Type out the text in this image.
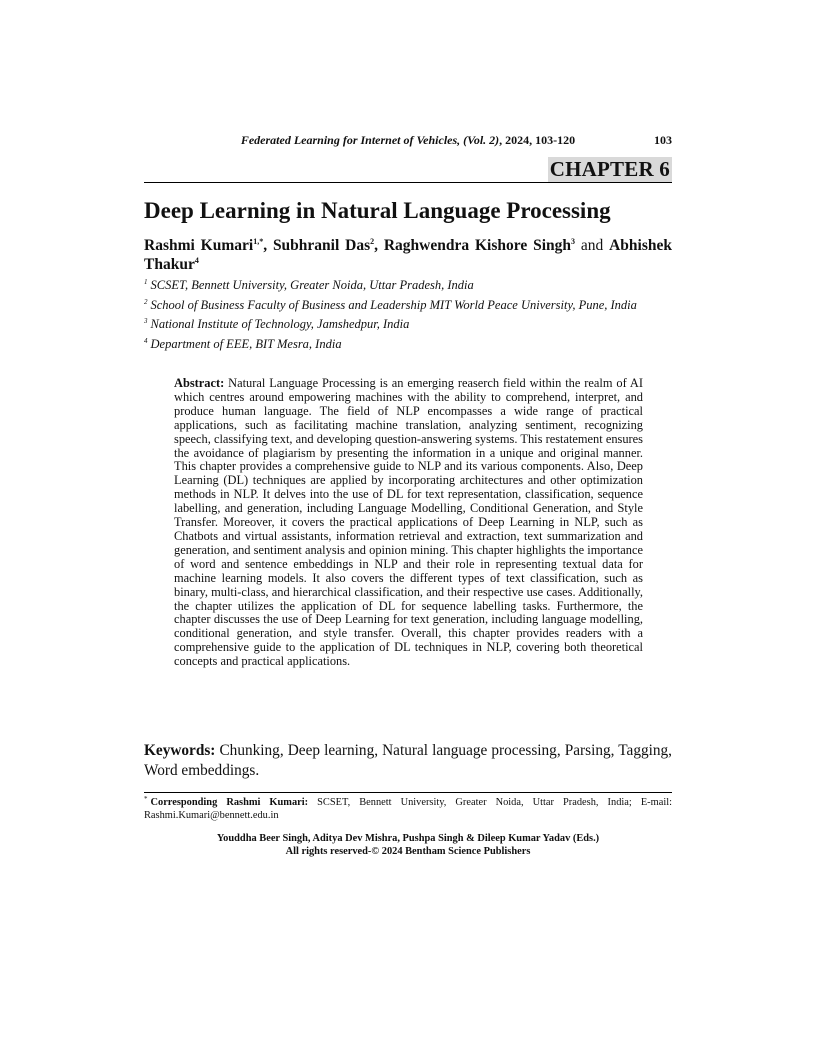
Federated Learning for Internet of Vehicles, (Vol. 2), 2024, 103-120	103
CHAPTER 6
Deep Learning in Natural Language Processing
Rashmi Kumari$^{1,*}$, Subhranil Das$^2$, Raghwendra Kishore Singh$^3$ and Abhishek Thakur$^4$
$^1$ SCSET, Bennett University, Greater Noida, Uttar Pradesh, India
$^2$ School of Business Faculty of Business and Leadership MIT World Peace University, Pune, India
$^3$ National Institute of Technology, Jamshedpur, India
$^4$ Department of EEE, BIT Mesra, India
Abstract: Natural Language Processing is an emerging reaserch field within the realm of AI which centres around empowering machines with the ability to comprehend, interpret, and produce human language. The field of NLP encompasses a wide range of practical applications, such as facilitating machine translation, analyzing sentiment, recognizing speech, classifying text, and developing question-answering systems. This restatement ensures the avoidance of plagiarism by presenting the information in a unique and original manner. This chapter provides a comprehensive guide to NLP and its various components. Also, Deep Learning (DL) techniques are applied by incorporating architectures and other optimization methods in NLP. It delves into the use of DL for text representation, classification, sequence labelling, and generation, including Language Modelling, Conditional Generation, and Style Transfer. Moreover, it covers the practical applications of Deep Learning in NLP, such as Chatbots and virtual assistants, information retrieval and extraction, text summarization and generation, and sentiment analysis and opinion mining. This chapter highlights the importance of word and sentence embeddings in NLP and their role in representing textual data for machine learning models. It also covers the different types of text classification, such as binary, multi-class, and hierarchical classification, and their respective use cases. Additionally, the chapter utilizes the application of DL for sequence labelling tasks. Furthermore, the chapter discusses the use of Deep Learning for text generation, including language modelling, conditional generation, and style transfer. Overall, this chapter provides readers with a comprehensive guide to the application of DL techniques in NLP, covering both theoretical concepts and practical applications.
Keywords: Chunking, Deep learning, Natural language processing, Parsing, Tagging, Word embeddings.
* Corresponding Rashmi Kumari: SCSET, Bennett University, Greater Noida, Uttar Pradesh, India; E-mail: Rashmi.Kumari@bennett.edu.in
Youddha Beer Singh, Aditya Dev Mishra, Pushpa Singh & Dileep Kumar Yadav (Eds.)
All rights reserved-© 2024 Bentham Science Publishers
